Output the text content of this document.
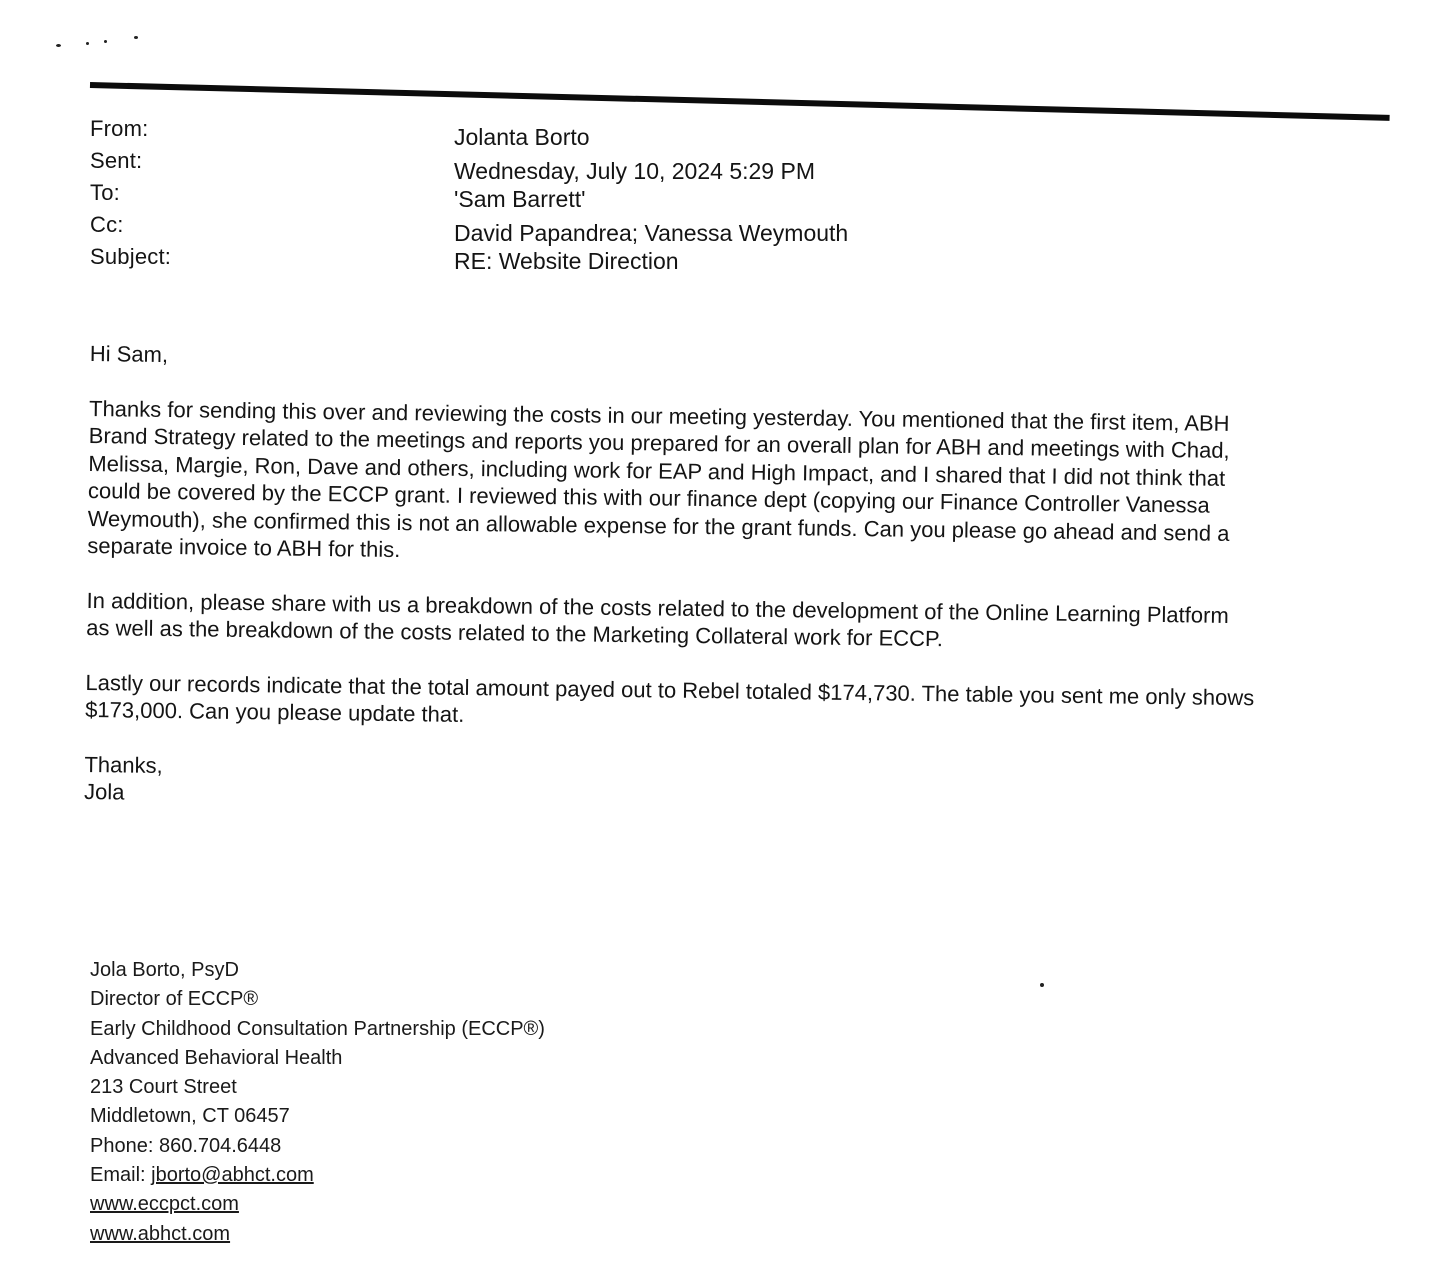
From:	Jolanta Borto
Sent:	Wednesday, July 10, 2024 5:29 PM
To:	'Sam Barrett'
Cc:	David Papandrea; Vanessa Weymouth
Subject:	RE: Website Direction

Hi Sam,

Thanks for sending this over and reviewing the costs in our meeting yesterday. You mentioned that the first item, ABH
Brand Strategy related to the meetings and reports you prepared for an overall plan for ABH and meetings with Chad,
Melissa, Margie, Ron, Dave and others, including work for EAP and High Impact, and I shared that I did not think that
could be covered by the ECCP grant. I reviewed this with our finance dept (copying our Finance Controller Vanessa
Weymouth), she confirmed this is not an allowable expense for the grant funds. Can you please go ahead and send a
separate invoice to ABH for this.

In addition, please share with us a breakdown of the costs related to the development of the Online Learning Platform
as well as the breakdown of the costs related to the Marketing Collateral work for ECCP.

Lastly our records indicate that the total amount payed out to Rebel totaled $174,730. The table you sent me only shows
$173,000. Can you please update that.

Thanks,

Jola

Jola Borto, PsyD
Director of ECCP®
Early Childhood Consultation Partnership (ECCP®)
Advanced Behavioral Health
213 Court Street
Middletown, CT 06457
Phone: 860.704.6448
Email: jborto@abhct.com
www.eccpct.com
www.abhct.com
